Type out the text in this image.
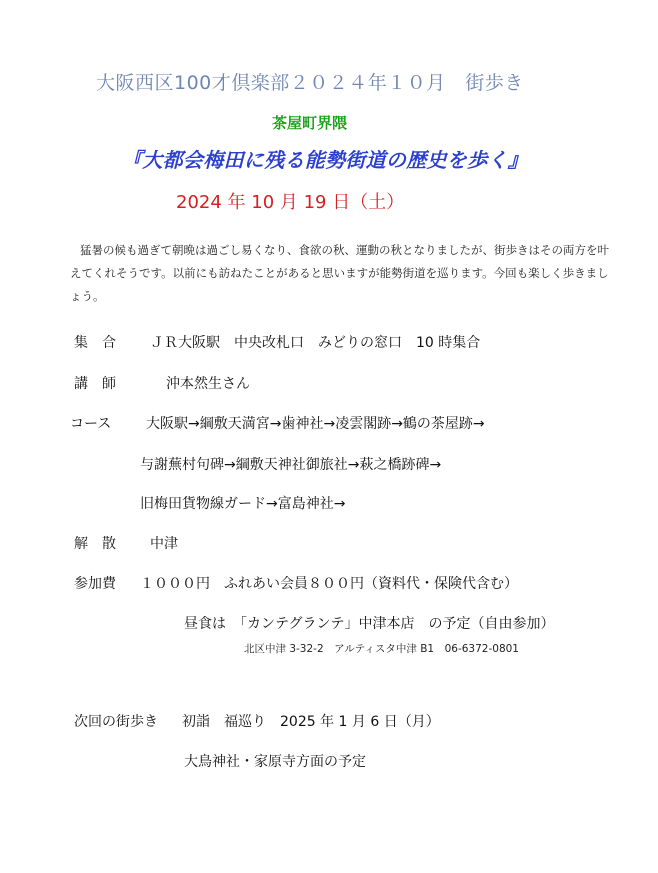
大阪西区100才倶楽部２０２４年１０月　街歩き
茶屋町界隈
『大都会梅田に残る能勢街道の歴史を歩く』
2024 年 10 月 19 日（土）
猛暑の候も過ぎて朝晩は過ごし易くなり、食欲の秋、運動の秋となりましたが、街歩きはその両方を叶えてくれそうです。以前にも訪ねたことがあると思いますが能勢街道を巡ります。今回も楽しく歩きましょう。
集　合 ＪＲ大阪駅　中央改札口　みどりの窓口　10 時集合
講　師	沖本然生さん
コース 大阪駅→綱敷天満宮→歯神社→凌雲閣跡→鶴の茶屋跡→
与謝蕪村句碑→綱敷天神社御旅社→萩之橋跡碑→
旧梅田貨物線ガード→富島神社→
解　散 中津
参加費 １０００円　ふれあい会員８００円（資料代・保険代含む）
昼食は　「カンテグランテ」中津本店　の予定（自由参加）
北区中津 3-32-2　アルティスタ中津 B1　06-6372-0801
次回の街歩き 初詣　福巡り　2025 年 1 月 6 日（月）
大鳥神社・家原寺方面の予定
